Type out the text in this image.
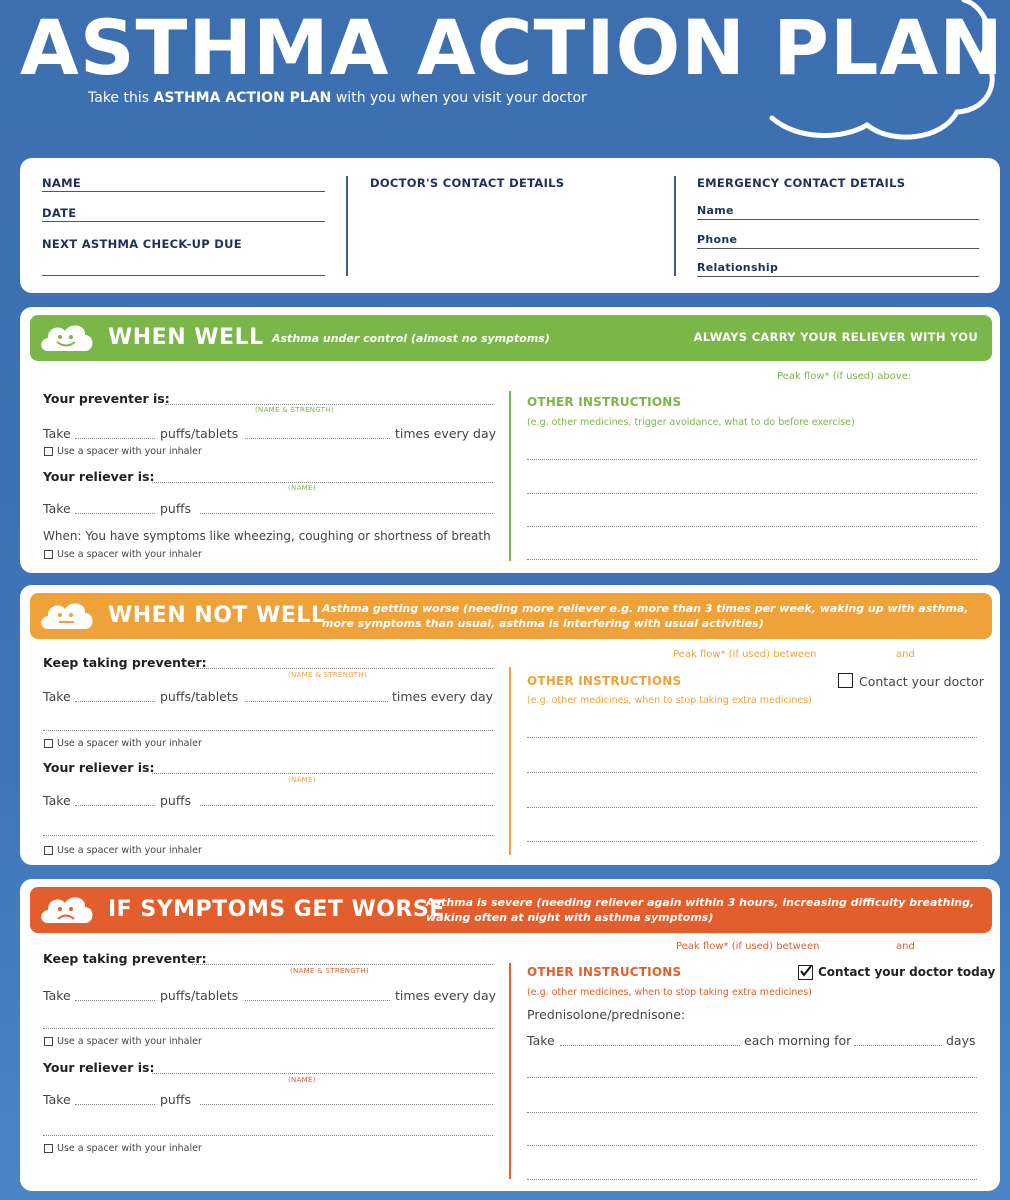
ASTHMA ACTION PLAN
Take this ASTHMA ACTION PLAN with you when you visit your doctor
NAME
DATE
NEXT ASTHMA CHECK-UP DUE
DOCTOR'S CONTACT DETAILS	EMERGENCY CONTACT DETAILS
Name
Phone
Relationship
WHEN WELL Asthma under control (almost no symptoms)	ALWAYS CARRY YOUR RELIEVER WITH YOU
Peak flow* (if used) above:
Your preventer is:
(NAME & STRENGTH)
Take	puffs/tablets	times every day
Use a spacer with your inhaler
Your reliever is:
(NAME)
Take	puffs
When: You have symptoms like wheezing, coughing or shortness of breath
Use a spacer with your inhaler
OTHER INSTRUCTIONS
(e.g. other medicines, trigger avoidance, what to do before exercise)
WHEN NOT WELL
Asthma getting worse (needing more reliever e.g. more than 3 times per week, waking up with asthma,
more symptoms than usual, asthma is interfering with usual activities)
Peak flow* (if used) between	and
Keep taking preventer:
(NAME & STRENGTH)
Take	puffs/tablets	times every day
Use a spacer with your inhaler
Your reliever is:
(NAME)
Take	puffs
Use a spacer with your inhaler
OTHER INSTRUCTIONS
(e.g. other medicines, when to stop taking extra medicines)
Contact your doctor
IF SYMPTOMS GET WORSE
Asthma is severe (needing reliever again within 3 hours, increasing difficulty breathing,
waking often at night with asthma symptoms)
Peak flow* (if used) between	and
Keep taking preventer:
(NAME & STRENGTH)
Take	puffs/tablets	times every day
Use a spacer with your inhaler
Your reliever is:
(NAME)
Take	puffs
Use a spacer with your inhaler
OTHER INSTRUCTIONS
(e.g. other medicines, when to stop taking extra medicines)
Contact your doctor today
Prednisolone/prednisone:
Take	each morning for	days
